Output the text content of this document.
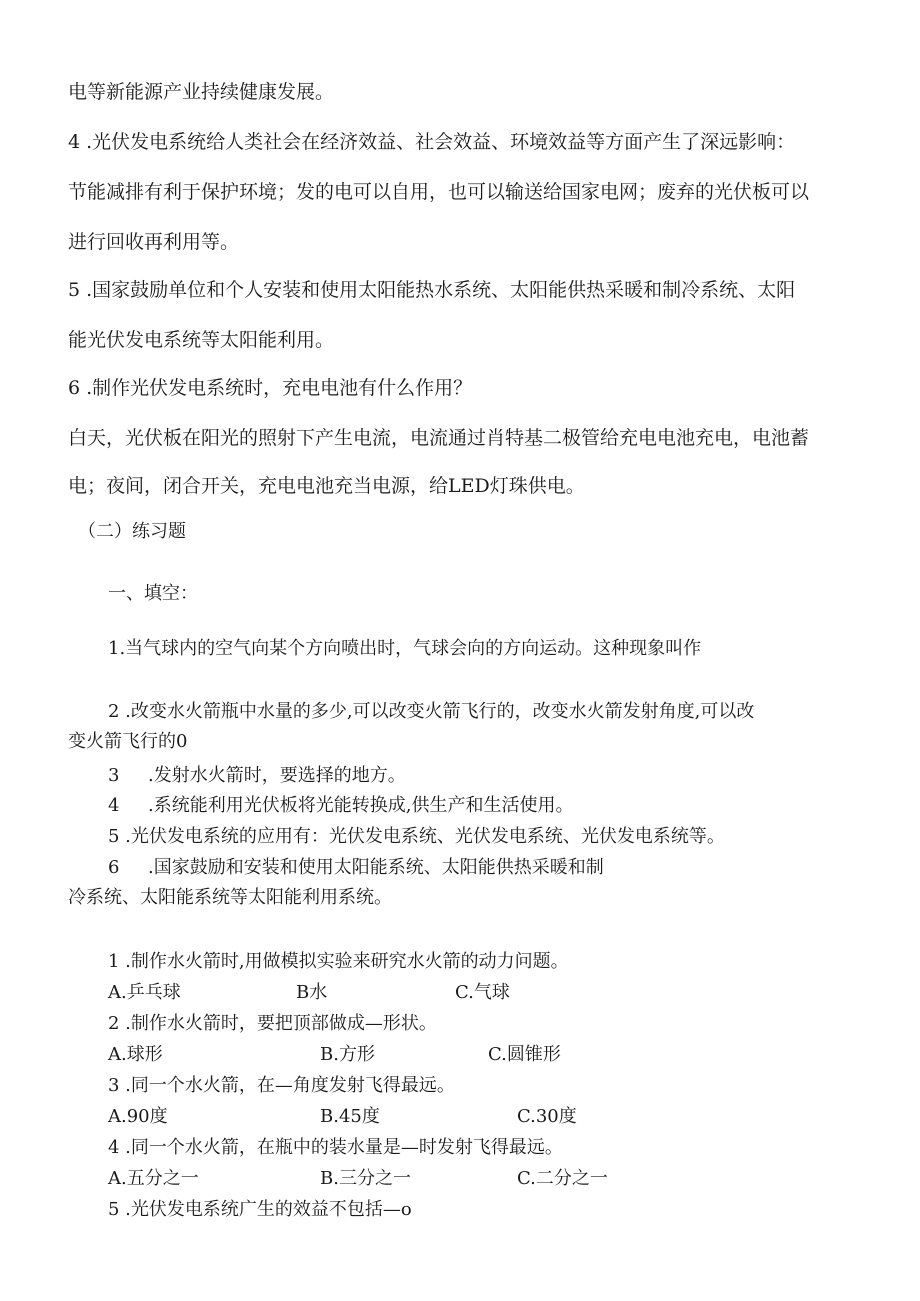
电等新能源产业持续健康发展。
4 .光伏发电系统给人类社会在经济效益、社会效益、环境效益等方面产生了深远影响：
节能减排有利于保护环境；发的电可以自用，也可以输送给国家电网；废弃的光伏板可以
进行回收再利用等。
5 .国家鼓励单位和个人安装和使用太阳能热水系统、太阳能供热采暖和制冷系统、太阳
能光伏发电系统等太阳能利用。
6 .制作光伏发电系统时，充电电池有什么作用？
白天，光伏板在阳光的照射下产生电流，电流通过肖特基二极管给充电电池充电，电池蓄
电；夜间，闭合开关，充电电池充当电源，给LED灯珠供电。
（二）练习题
一、填空：
1.当气球内的空气向某个方向喷出时，气球会向的方向运动。这种现象叫作
2 .改变水火箭瓶中水量的多少,可以改变火箭飞行的，改变水火箭发射角度,可以改
变火箭飞行的0
3     .发射水火箭时，要选择的地方。
4     .系统能利用光伏板将光能转换成,供生产和生活使用。
5 .光伏发电系统的应用有：光伏发电系统、光伏发电系统、光伏发电系统等。
6     .国家鼓励和安装和使用太阳能系统、太阳能供热采暖和制
冷系统、太阳能系统等太阳能利用系统。
1 .制作水火箭时,用做模拟实验来研究水火箭的动力问题。
A.乒乓球	B水	C.气球
2 .制作水火箭时，要把顶部做成—形状。
A.球形	B.方形	C.圆锥形
3 .同一个水火箭，在—角度发射飞得最远。
A.90度	B.45度	C.30度
4 .同一个水火箭，在瓶中的装水量是—时发射飞得最远。
A.五分之一	B.三分之一	C.二分之一
5 .光伏发电系统广生的效益不包括—o
